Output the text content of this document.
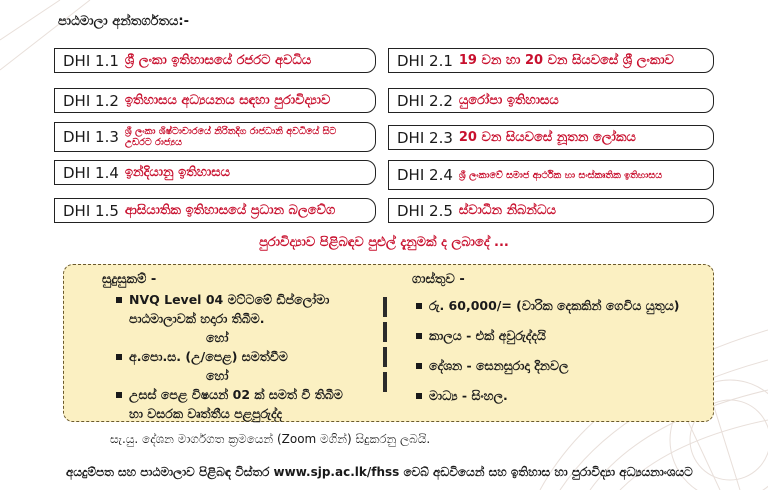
පාඨමාලා අන්තර්ගතය:-
DHI 1.1 ශ්‍රී ලංකා ඉතිහාසයේ රජරට අවධිය
DHI 1.2 ඉතිහාසය අධ්‍යයනය සඳහා පුරාවිද්‍යාව
DHI 1.3 ශ්‍රී ලංකා ශිෂ්ටාචාරයේ නිරිතදිග රාජධානි අවධියේ සිට උඩරට රාජ්‍යය
DHI 1.4 ඉන්දියානු ඉතිහාසය
DHI 1.5 ආසියාතික ඉතිහාසයේ ප්‍රධාන බලවේග
DHI 2.1 19 වන හා 20 වන සියවසේ ශ්‍රී ලංකාව
DHI 2.2 යුරෝපා ඉතිහාසය
DHI 2.3 20 වන සියවසේ නූතන ලෝකය
DHI 2.4 ශ්‍රී ලංකාවේ සමාජ ආර්ථික හා සංස්කෘතික ඉතිහාසය
DHI 2.5 ස්වාධීන නිබන්ධය
පුරාවිද්‍යාව පිළිබඳව පුළුල් දැනුමක් ද ලබාදේ ...
සුදුසුකම් -
NVQ Level 04 මට්ටමේ ඩිප්ලෝමා
පාඨමාලාවක් හදාරා තිබීම.
හෝ
අ.පො.ස. (උ/පෙළ) සමත්වීම
හෝ
උසස් පෙළ විෂයන් 02 ක් සමත් වී තිබීම
හා වසරක වෘත්තීය පළපුරුද්ද
ගාස්තුව -
රු. 60,000/= (වාරික දෙකකින් ගෙවිය යුතුය)
කාලය - එක් අවුරුද්දයි
දේශන - සෙනසුරාදා දිනවල
මාධ්‍ය - සිංහල.
සැ.යු. දේශන මාර්ගගත ක්‍රමයෙන් (Zoom මගින්) සිදුකරනු ලබයි.
අයදුම්පත සහ පාඨමාලාව පිළිබඳ විස්තර www.sjp.ac.lk/fhss වෙබ් අඩවියෙන් සහ ඉතිහාස හා පුරාවිද්‍යා අධ්‍යයනාංශයට
